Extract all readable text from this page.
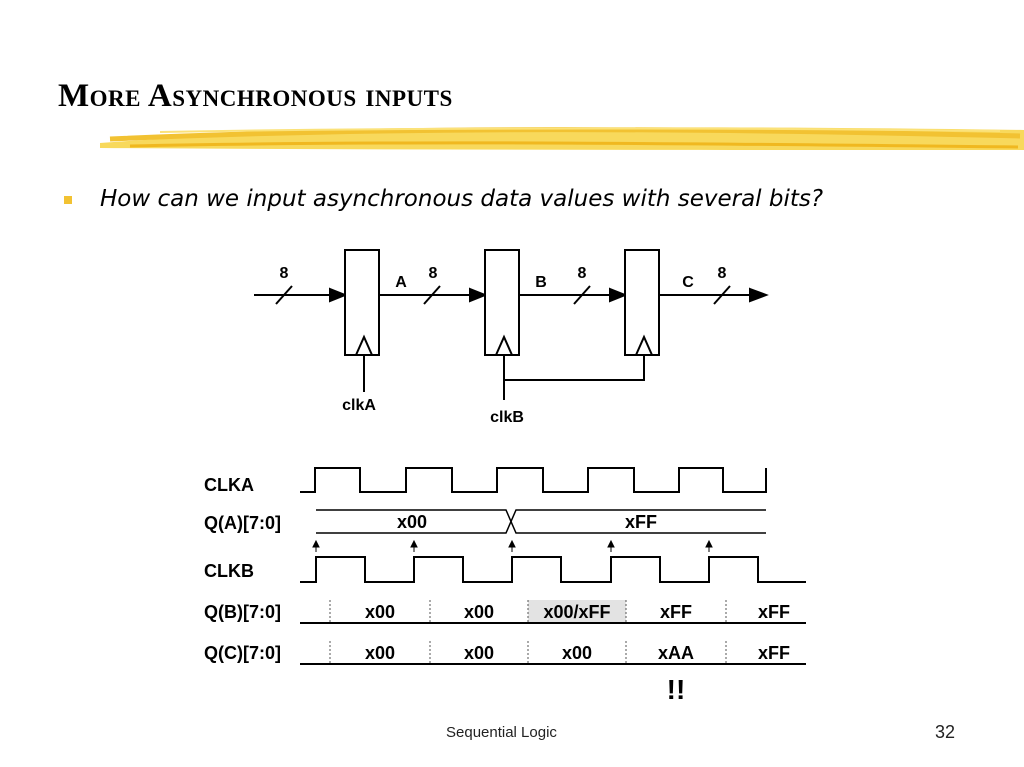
8	8	8	8
A	B	C
clkA
clkB
CLKA
Q(A)[7:0]
CLKB
Q(B)[7:0]
Q(C)[7:0]
x00	xFF
x00	x00	x00/xFF	xFF	xFF
x00	x00	x00	xAA	xFF
!!
More Asynchronous inputs
How can we input asynchronous data values with several bits?
Sequential Logic	32
